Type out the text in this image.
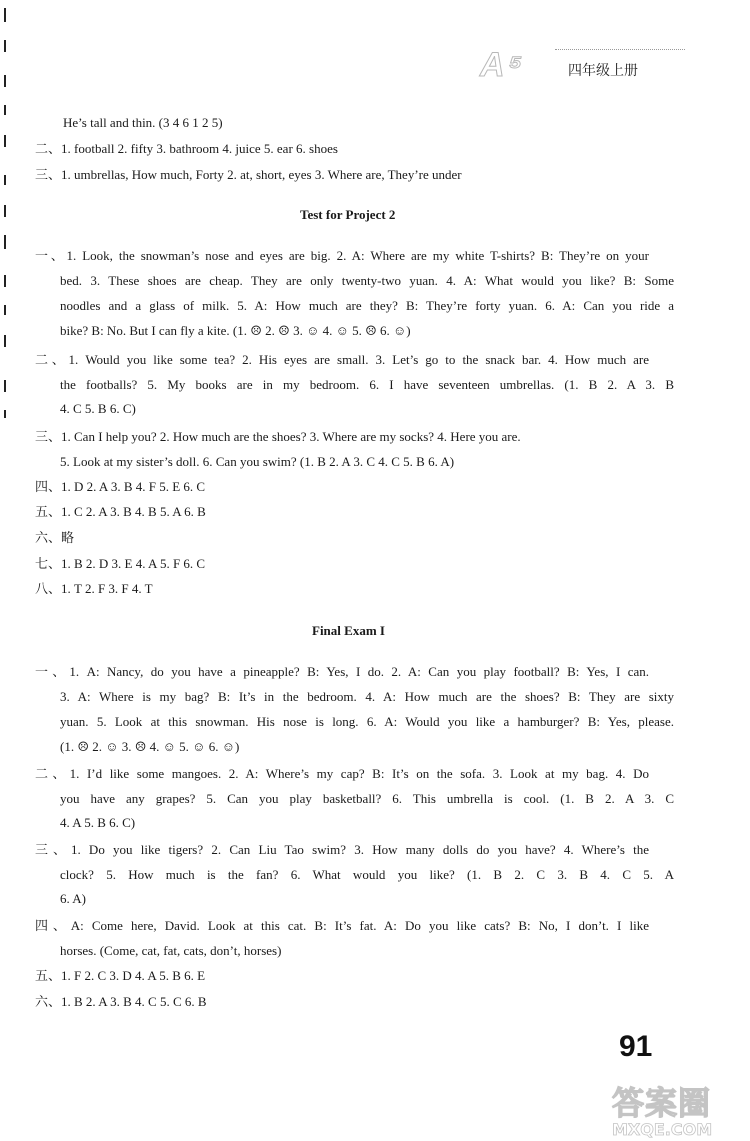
A ⁵	四年级上册
He’s tall and thin. (3 4 6 1 2 5)
二、1. football 2. fifty 3. bathroom 4. juice 5. ear 6. shoes
三、1. umbrellas, How much, Forty 2. at, short, eyes 3. Where are, They’re under
Test for Project 2
一、1. Look, the snowman’s nose and eyes are big. 2. A: Where are my white T-shirts? B: They’re on your
bed. 3. These shoes are cheap. They are only twenty-two yuan. 4. A: What would you like? B: Some
noodles and a glass of milk. 5. A: How much are they? B: They’re forty yuan. 6. A: Can you ride a
bike? B: No. But I can fly a kite. (1. ☹ 2. ☹ 3. ☺ 4. ☺ 5. ☹ 6. ☺)
二、1. Would you like some tea? 2. His eyes are small. 3. Let’s go to the snack bar. 4. How much are
the footballs? 5. My books are in my bedroom. 6. I have seventeen umbrellas. (1. B 2. A 3. B
4. C 5. B 6. C)
三、1. Can I help you? 2. How much are the shoes? 3. Where are my socks? 4. Here you are.
5. Look at my sister’s doll. 6. Can you swim? (1. B 2. A 3. C 4. C 5. B 6. A)
四、1. D 2. A 3. B 4. F 5. E 6. C
五、1. C 2. A 3. B 4. B 5. A 6. B
六、略
七、1. B 2. D 3. E 4. A 5. F 6. C
八、1. T 2. F 3. F 4. T
Final Exam I
一、1. A: Nancy, do you have a pineapple? B: Yes, I do. 2. A: Can you play football? B: Yes, I can.
3. A: Where is my bag? B: It’s in the bedroom. 4. A: How much are the shoes? B: They are sixty
yuan. 5. Look at this snowman. His nose is long. 6. A: Would you like a hamburger? B: Yes, please.
(1. ☹ 2. ☺ 3. ☹ 4. ☺ 5. ☺ 6. ☺)
二、1. I’d like some mangoes. 2. A: Where’s my cap? B: It’s on the sofa. 3. Look at my bag. 4. Do
you have any grapes? 5. Can you play basketball? 6. This umbrella is cool. (1. B 2. A 3. C
4. A 5. B 6. C)
三、1. Do you like tigers? 2. Can Liu Tao swim? 3. How many dolls do you have? 4. Where’s the
clock? 5. How much is the fan? 6. What would you like? (1. B 2. C 3. B 4. C 5. A
6. A)
四、A: Come here, David. Look at this cat. B: It’s fat. A: Do you like cats? B: No, I don’t. I like
horses. (Come, cat, fat, cats, don’t, horses)
五、1. F 2. C 3. D 4. A 5. B 6. E
六、1. B 2. A 3. B 4. C 5. C 6. B
91
答案圈
MXQE.COM
